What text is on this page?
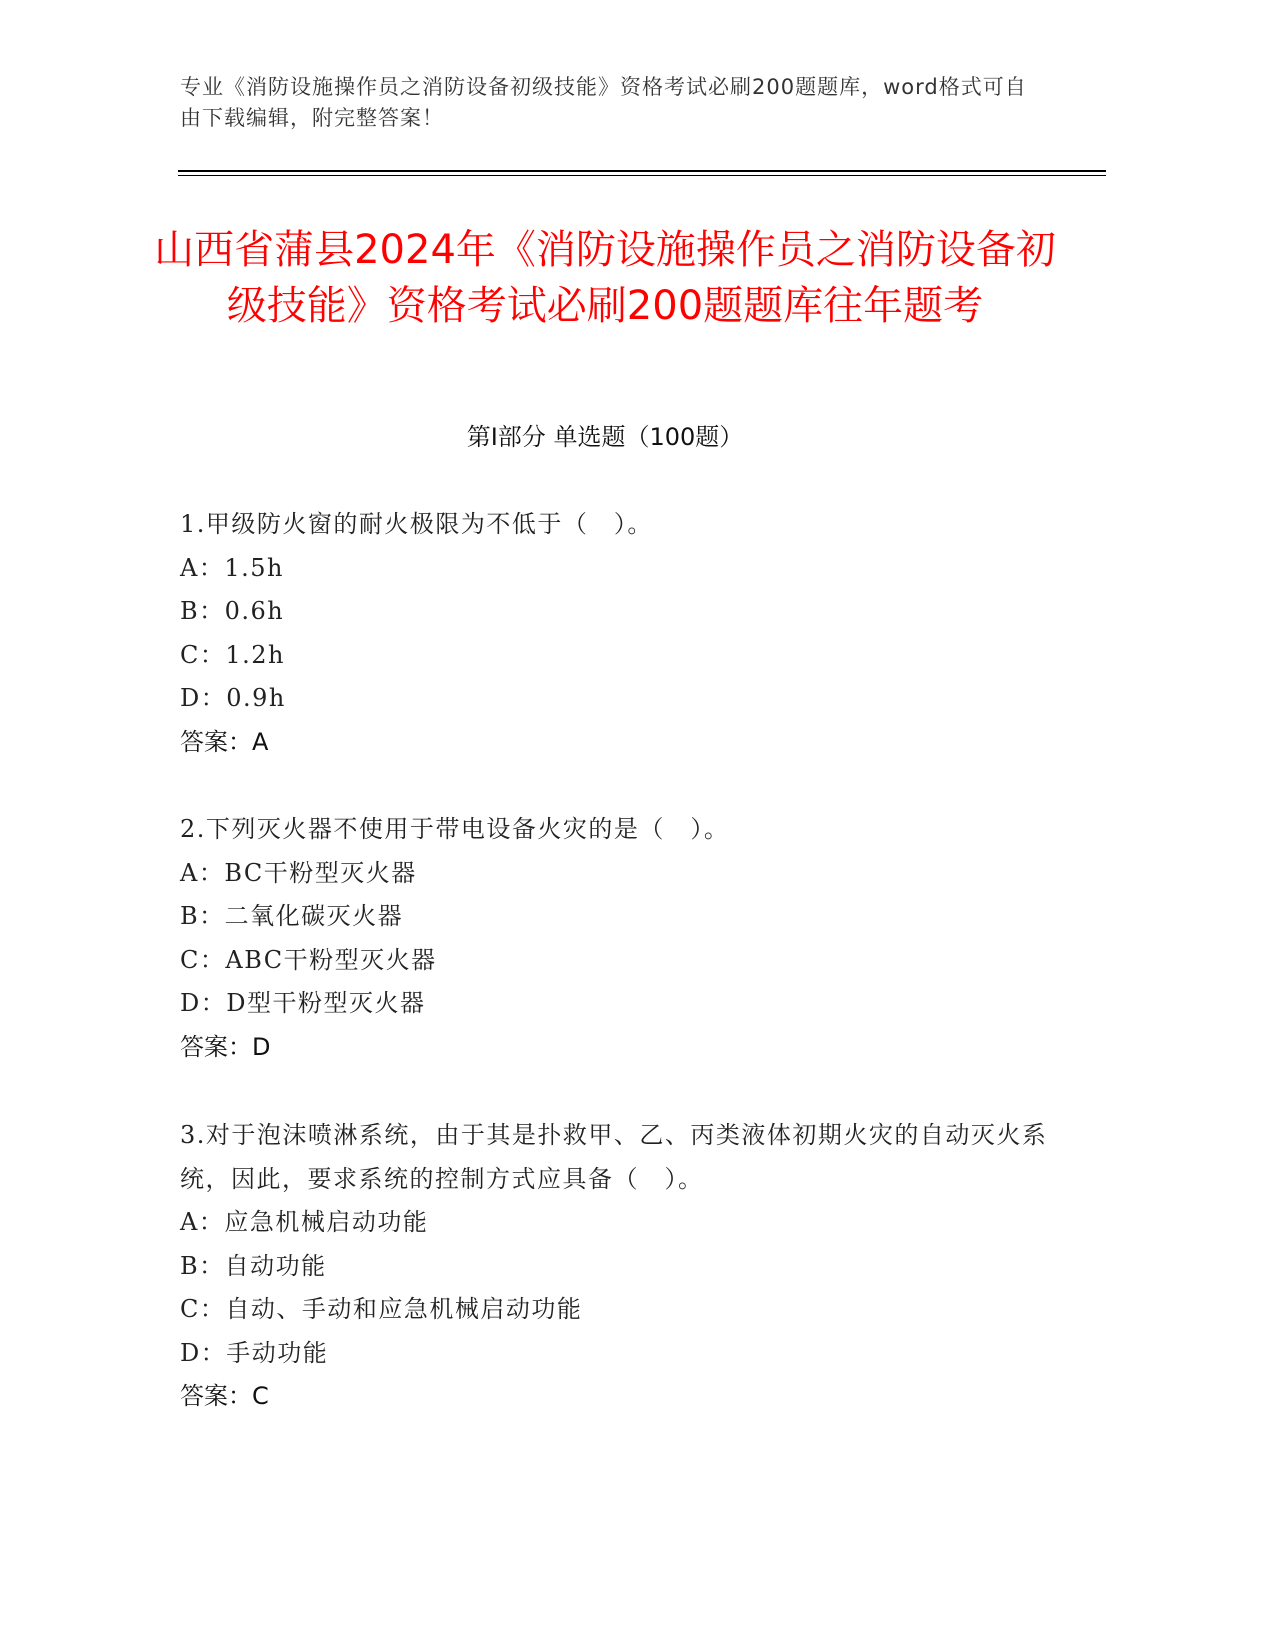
专业《消防设施操作员之消防设备初级技能》资格考试必刷200题题库，word格式可自由下载编辑，附完整答案！
山西省蒲县2024年《消防设施操作员之消防设备初级技能》资格考试必刷200题题库往年题考
第I部分 单选题（100题）

1.甲级防火窗的耐火极限为不低于（　）。

A：1.5h

B：0.6h

C：1.2h

D：0.9h

答案：A

2.下列灭火器不使用于带电设备火灾的是（　）。

A：BC干粉型灭火器

B：二氧化碳灭火器

C：ABC干粉型灭火器

D：D型干粉型灭火器

答案：D

3.对于泡沫喷淋系统，由于其是扑救甲、乙、丙类液体初期火灾的自动灭火系统，因此，要求系统的控制方式应具备（　）。

A：应急机械启动功能

B：自动功能

C：自动、手动和应急机械启动功能

D：手动功能

答案：C
